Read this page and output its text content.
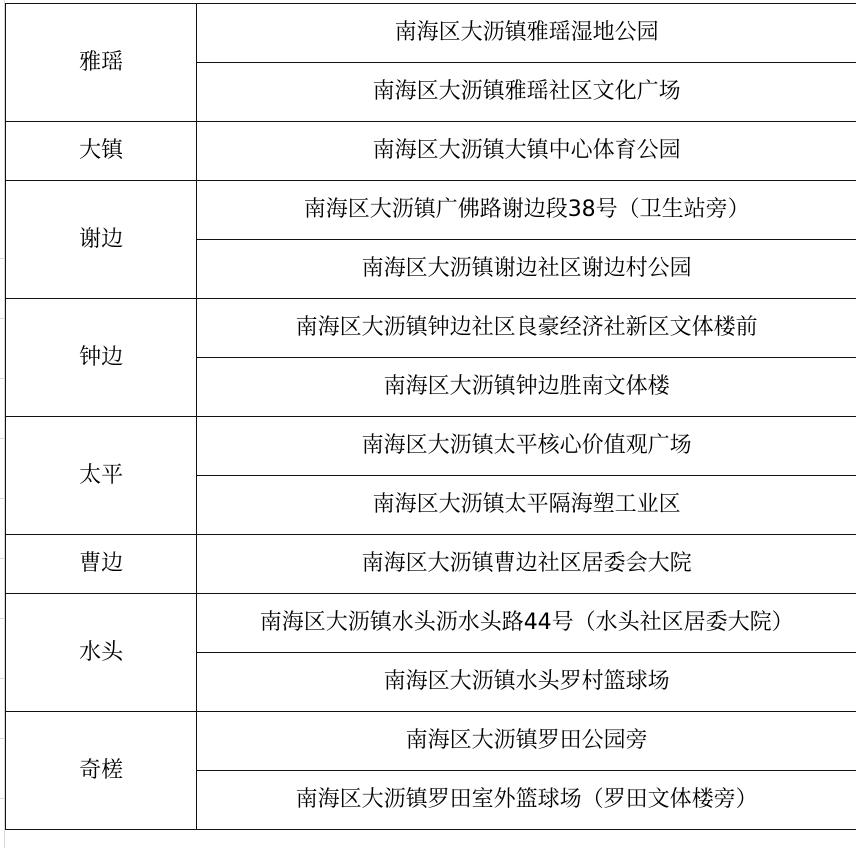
雅瑶	南海区大沥镇雅瑶湿地公园
	南海区大沥镇雅瑶社区文化广场
大镇	南海区大沥镇大镇中心体育公园
谢边	南海区大沥镇广佛路谢边段38号（卫生站旁）
	南海区大沥镇谢边社区谢边村公园
钟边	南海区大沥镇钟边社区良豪经济社新区文体楼前
	南海区大沥镇钟边胜南文体楼
太平	南海区大沥镇太平核心价值观广场
	南海区大沥镇太平隔海塑工业区
曹边	南海区大沥镇曹边社区居委会大院
水头	南海区大沥镇水头沥水头路44号（水头社区居委大院）
	南海区大沥镇水头罗村篮球场
奇槎	南海区大沥镇罗田公园旁
	南海区大沥镇罗田室外篮球场（罗田文体楼旁）
